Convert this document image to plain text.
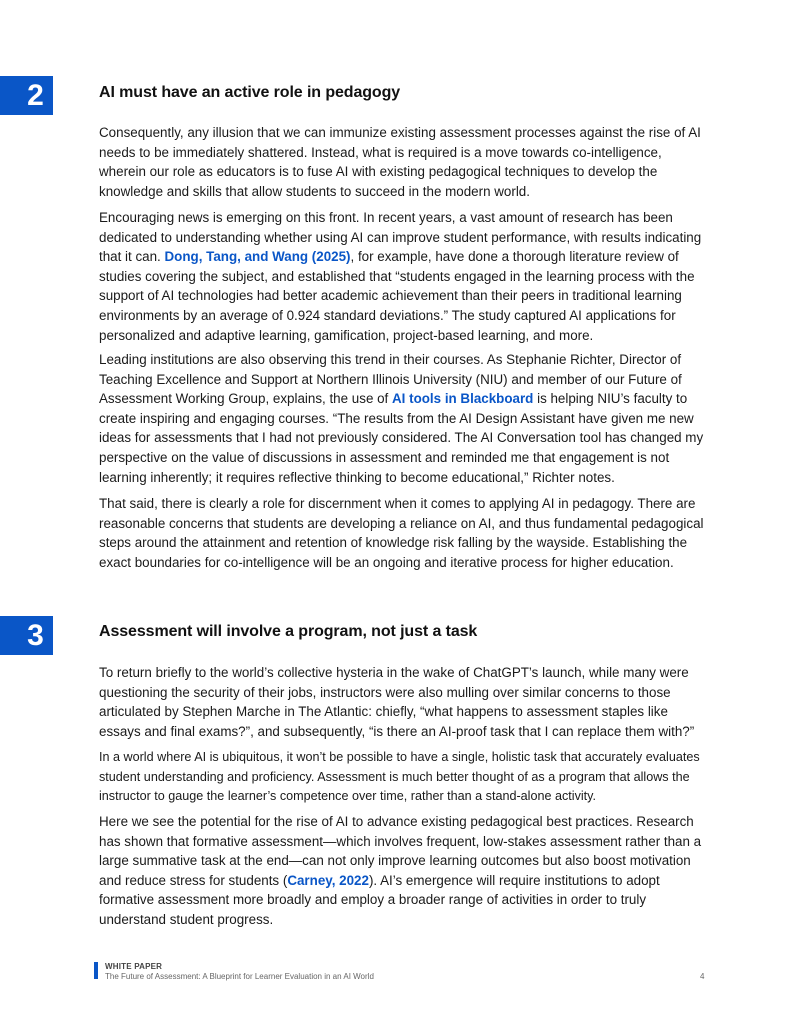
2	AI must have an active role in pedagogy

Consequently, any illusion that we can immunize existing assessment processes against the rise of AI needs to be immediately shattered. Instead, what is required is a move towards co-intelligence, wherein our role as educators is to fuse AI with existing pedagogical techniques to develop the knowledge and skills that allow students to succeed in the modern world.

Encouraging news is emerging on this front. In recent years, a vast amount of research has been dedicated to understanding whether using AI can improve student performance, with results indicating that it can. Dong, Tang, and Wang (2025), for example, have done a thorough literature review of studies covering the subject, and established that “students engaged in the learning process with the support of AI technologies had better academic achievement than their peers in traditional learning environments by an average of 0.924 standard deviations.” The study captured AI applications for personalized and adaptive learning, gamification, project-based learning, and more.

Leading institutions are also observing this trend in their courses. As Stephanie Richter, Director of Teaching Excellence and Support at Northern Illinois University (NIU) and member of our Future of Assessment Working Group, explains, the use of AI tools in Blackboard is helping NIU’s faculty to create inspiring and engaging courses. “The results from the AI Design Assistant have given me new ideas for assessments that I had not previously considered. The AI Conversation tool has changed my perspective on the value of discussions in assessment and reminded me that engagement is not learning inherently; it requires reflective thinking to become educational,” Richter notes.

That said, there is clearly a role for discernment when it comes to applying AI in pedagogy. There are reasonable concerns that students are developing a reliance on AI, and thus fundamental pedagogical steps around the attainment and retention of knowledge risk falling by the wayside. Establishing the exact boundaries for co-intelligence will be an ongoing and iterative process for higher education.

3	Assessment will involve a program, not just a task

To return briefly to the world’s collective hysteria in the wake of ChatGPT’s launch, while many were questioning the security of their jobs, instructors were also mulling over similar concerns to those articulated by Stephen Marche in The Atlantic: chiefly, “what happens to assessment staples like essays and final exams?”, and subsequently, “is there an AI-proof task that I can replace them with?”

In a world where AI is ubiquitous, it won’t be possible to have a single, holistic task that accurately evaluates student understanding and proficiency. Assessment is much better thought of as a program that allows the instructor to gauge the learner’s competence over time, rather than a stand-alone activity.

Here we see the potential for the rise of AI to advance existing pedagogical best practices. Research has shown that formative assessment—which involves frequent, low-stakes assessment rather than a large summative task at the end—can not only improve learning outcomes but also boost motivation and reduce stress for students (Carney, 2022). AI’s emergence will require institutions to adopt formative assessment more broadly and employ a broader range of activities in order to truly understand student progress.

WHITE PAPER
The Future of Assessment: A Blueprint for Learner Evaluation in an AI World	4
